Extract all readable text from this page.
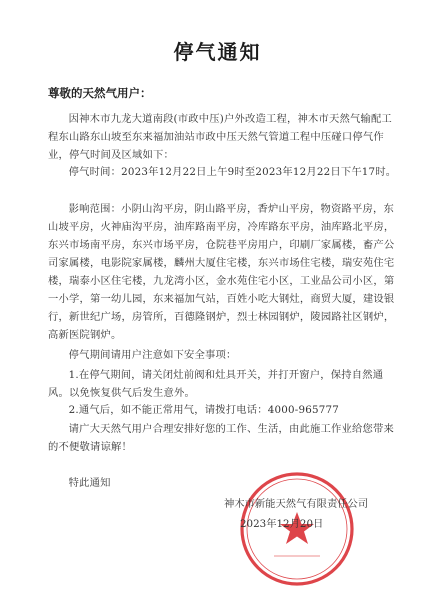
停气通知
尊敬的天然气用户：

因神木市九龙大道南段(市政中压)户外改造工程，神木市天然气输配工程东山路东山坡至东来福加油站市政中压天然气管道工程中压碰口停气作业，停气时间及区域如下：

停气时间：2023年12月22日上午9时至2023年12月22日下午17时。

影响范围：小阴山沟平房，阴山路平房，香炉山平房，物资路平房，东山坡平房，火神庙沟平房，油库路南平房，冷库路东平房，油库路北平房，东兴市场南平房，东兴市场平房，仓院巷平房用户，印刷厂家属楼，畜产公司家属楼，电影院家属楼，麟州大厦住宅楼，东兴市场住宅楼，瑞安苑住宅楼，瑞泰小区住宅楼，九龙湾小区，金水苑住宅小区，工业品公司小区，第一小学，第一幼儿园，东来福加气站，百姓小吃大钢灶，商贸大厦，建设银行，新世纪广场，房管所，百德隆钢炉，烈士林园钢炉，陵园路社区钢炉，高新医院钢炉。

停气期间请用户注意如下安全事项：

1.在停气期间，请关闭灶前阀和灶具开关，并打开窗户，保持自然通风。以免恢复供气后发生意外。

2.通气后，如不能正常用气，请拨打电话：4000-965777

请广大天然气用户合理安排好您的工作、生活，由此施工作业给您带来的不便敬请谅解！

特此通知

神木市新能天然气有限责任公司
2023年12月20日
